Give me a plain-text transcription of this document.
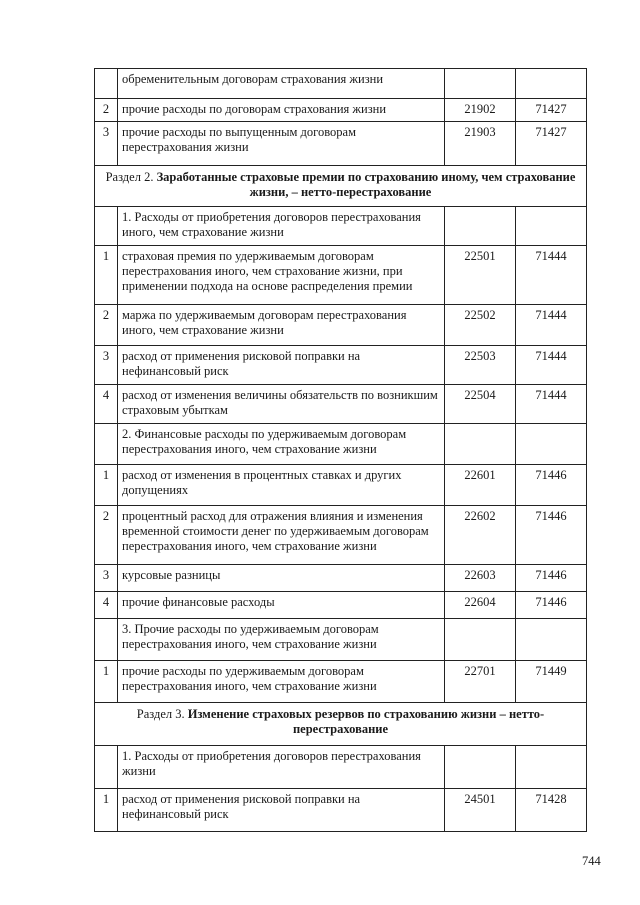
	обременительным договорам страхования жизни		
2	прочие расходы по договорам страхования жизни	21902	71427
3	прочие расходы по выпущенным договорам перестрахования жизни	21903	71427
Раздел 2. Заработанные страховые премии по страхованию иному, чем страхование жизни, – нетто-перестрахование			
	1. Расходы от приобретения договоров перестрахования иного, чем страхование жизни		
1	страховая премия по удерживаемым договорам перестрахования иного, чем страхование жизни, при применении подхода на основе распределения премии	22501	71444
2	маржа по удерживаемым договорам перестрахования иного, чем страхование жизни	22502	71444
3	расход от применения рисковой поправки на нефинансовый риск	22503	71444
4	расход от изменения величины обязательств по возникшим страховым убыткам	22504	71444
	2. Финансовые расходы по удерживаемым договорам перестрахования иного, чем страхование жизни		
1	расход от изменения в процентных ставках и других допущениях	22601	71446
2	процентный расход для отражения влияния и изменения временной стоимости денег по удерживаемым договорам перестрахования иного, чем страхование жизни	22602	71446
3	курсовые разницы	22603	71446
4	прочие финансовые расходы	22604	71446
	3. Прочие расходы по удерживаемым договорам перестрахования иного, чем страхование жизни		
1	прочие расходы по удерживаемым договорам перестрахования иного, чем страхование жизни	22701	71449
Раздел 3. Изменение страховых резервов по страхованию жизни – нетто-перестрахование			
	1. Расходы от приобретения договоров перестрахования жизни		
1	расход от применения рисковой поправки на нефинансовый риск	24501	71428
744
